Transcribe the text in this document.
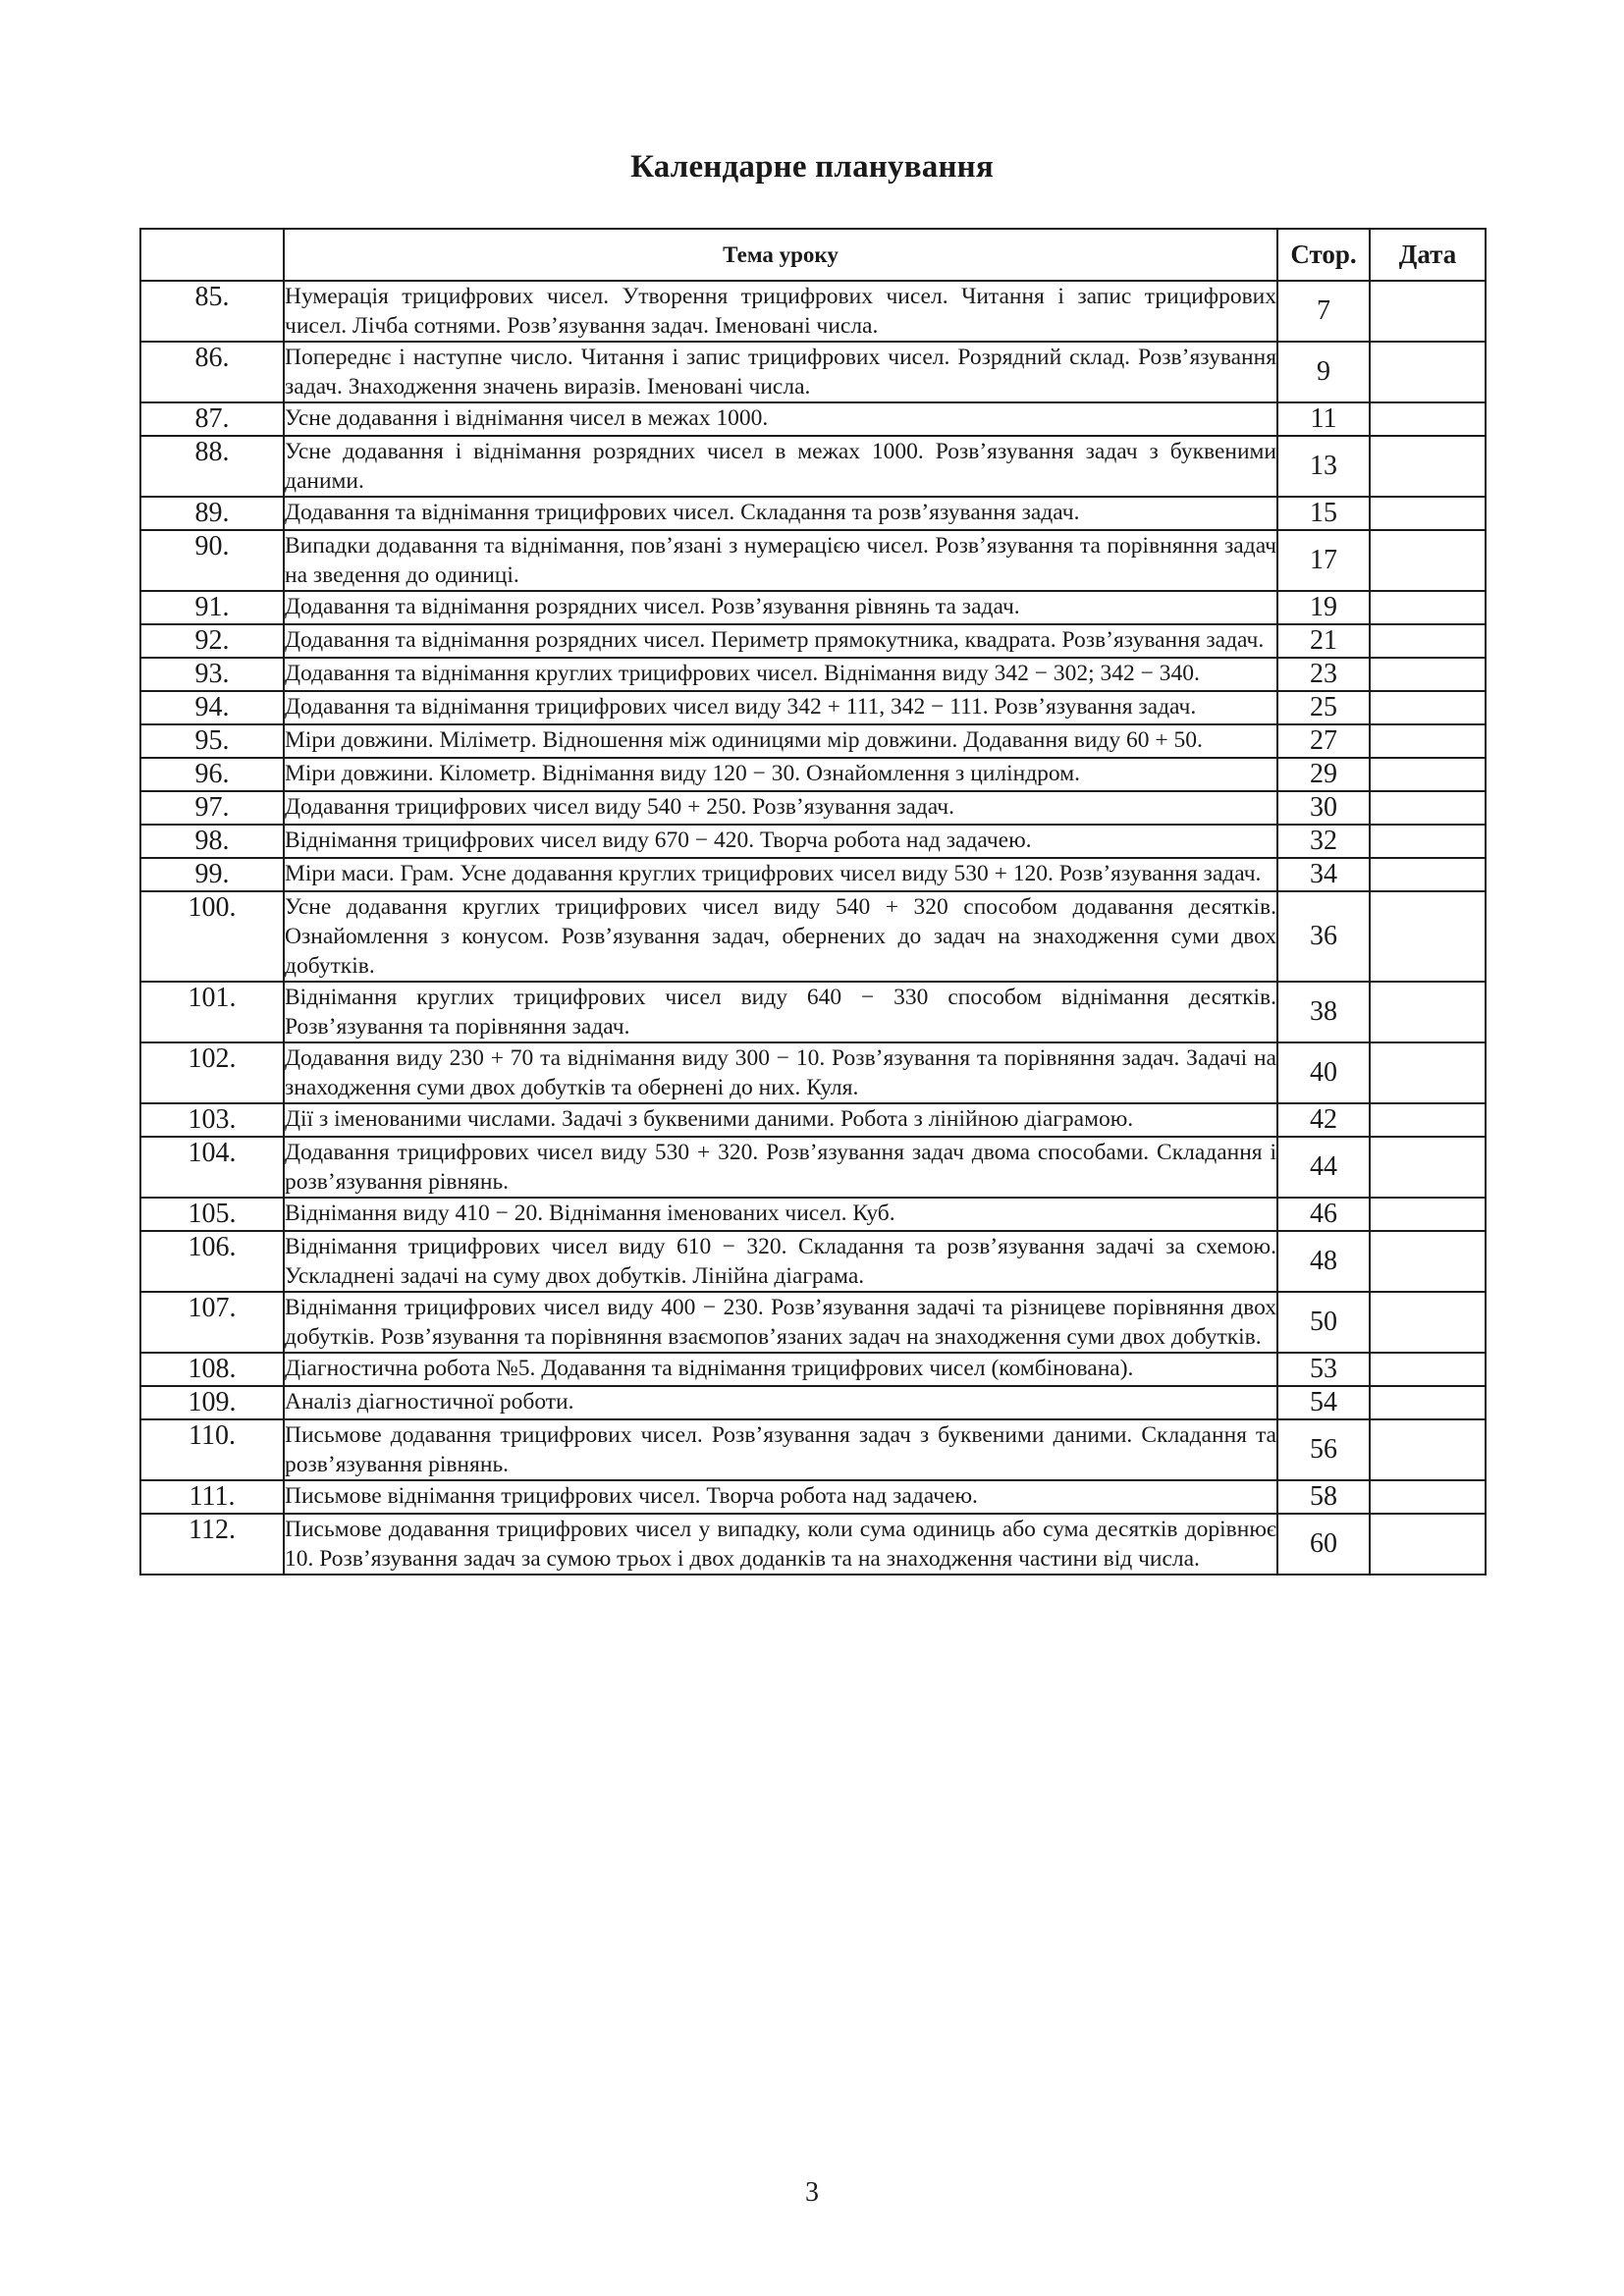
Календарне планування
	Тема уроку	Стор.	Дата
85.	Нумерація трицифрових чисел. Утворення трицифрових чисел. Читання і запис трицифрових чисел. Лічба сотнями. Розв’язування задач. Іменовані числа.	7	
86.	Попереднє і наступне число. Читання і запис трицифрових чисел. Розрядний склад. Розв’язування задач. Знаходження значень виразів. Іменовані числа.	9	
87.	Усне додавання і віднімання чисел в межах 1000.	11	
88.	Усне додавання і віднімання розрядних чисел в межах 1000. Розв’язування задач з буквеними даними.	13	
89.	Додавання та віднімання трицифрових чисел. Складання та розв’язування задач.	15	
90.	Випадки додавання та віднімання, пов’язані з нумерацією чисел. Розв’язування та порівняння задач на зведення до одиниці.	17	
91.	Додавання та віднімання розрядних чисел. Розв’язування рівнянь та задач.	19	
92.	Додавання та віднімання розрядних чисел. Периметр прямокутника, квадрата. Розв’язування задач.	21	
93.	Додавання та віднімання круглих трицифрових чисел. Віднімання виду 342 − 302; 342 − 340.	23	
94.	Додавання та віднімання трицифрових чисел виду 342 + 111, 342 − 111. Розв’язування задач.	25	
95.	Міри довжини. Міліметр. Відношення між одиницями мір довжини. Додавання виду 60 + 50.	27	
96.	Міри довжини. Кілометр. Віднімання виду 120 − 30. Ознайомлення з циліндром.	29	
97.	Додавання трицифрових чисел виду 540 + 250. Розв’язування задач.	30	
98.	Віднімання трицифрових чисел виду 670 − 420. Творча робота над задачею.	32	
99.	Міри маси. Грам. Усне додавання круглих трицифрових чисел виду 530 + 120. Розв’язування задач.	34	
100.	Усне додавання круглих трицифрових чисел виду 540 + 320 способом додавання десятків. Ознайомлення з конусом. Розв’язування задач, обернених до задач на знаходження суми двох добутків.	36	
101.	Віднімання круглих трицифрових чисел виду 640 − 330 способом віднімання десятків. Розв’язування та порівняння задач.	38	
102.	Додавання виду 230 + 70 та віднімання виду 300 − 10. Розв’язування та порівняння задач. Задачі на знаходження суми двох добутків та обернені до них. Куля.	40	
103.	Дії з іменованими числами. Задачі з буквеними даними. Робота з лінійною діаграмою.	42	
104.	Додавання трицифрових чисел виду 530 + 320. Розв’язування задач двома способами. Складання і розв’язування рівнянь.	44	
105.	Віднімання виду 410 − 20. Віднімання іменованих чисел. Куб.	46	
106.	Віднімання трицифрових чисел виду 610 − 320. Складання та розв’язування задачі за схемою. Ускладнені задачі на суму двох добутків. Лінійна діаграма.	48	
107.	Віднімання трицифрових чисел виду 400 − 230. Розв’язування задачі та різницеве порівняння двох добутків. Розв’язування та порівняння взаємопов’язаних задач на знаходження суми двох добутків.	50	
108.	Діагностична робота №5. Додавання та віднімання трицифрових чисел (комбінована).	53	
109.	Аналіз діагностичної роботи.	54	
110.	Письмове додавання трицифрових чисел. Розв’язування задач з буквеними даними. Складання та розв’язування рівнянь.	56	
111.	Письмове віднімання трицифрових чисел. Творча робота над задачею.	58	
112.	Письмове додавання трицифрових чисел у випадку, коли сума одиниць або сума десятків дорівнює 10. Розв’язування задач за сумою трьох і двох доданків та на знаходження частини від числа.	60	
3
